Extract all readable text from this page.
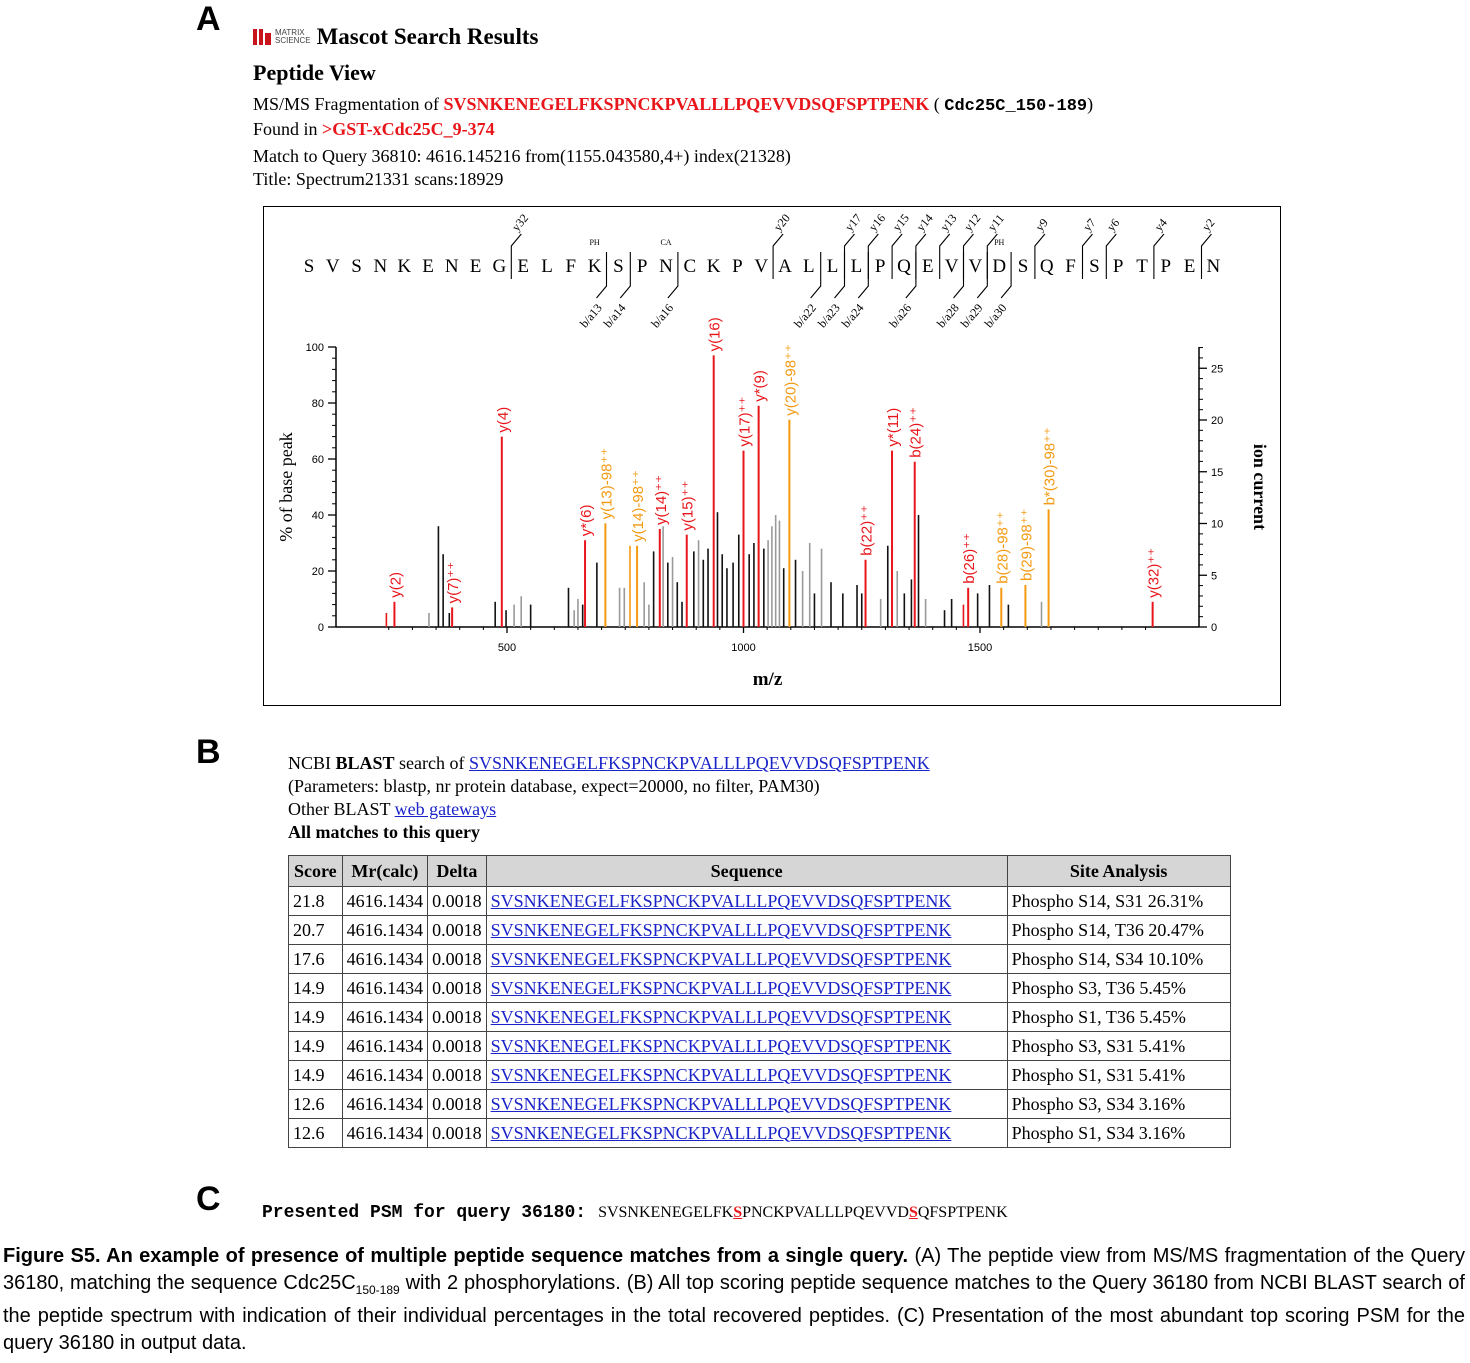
A
B
C
MATRIX
SCIENCE Mascot Search Results
Peptide View
MS/MS Fragmentation of SVSNKENEGELFKSPNCKPVALLLPQEVVDSQFSPTPENK ( Cdc25C_150-189)
Found in >GST-xCdc25C_9-374
Match to Query 36810: 4616.145216 from(1155.043580,4+) index(21328)
Title: Spectrum21331 scans:18929
S V S N K E N E G E L F K S P N C K P V A L L L P Q E V V D S Q F S P T P E N
PH	CA	PH
y32	y20	y17 y16 y15 y14 y13 y12 y11 y9 y7 y6 y4 y2
b/a13
b/a14 b/a16	b/a22
b/a23
b/a24 b/a26 b/a28
b/a29
b/a30
0
20
40
60
80
100
0
5
10
15
20
25
500	1000	1500
m/z
% of base peak	ion current
y(2)	y(7)⁺⁺
y(4)
y*(6)
y(13)-98⁺⁺ y(14)-98⁺⁺ y(14)⁺⁺ y(15)⁺⁺
y(16)
y(17)⁺⁺
y*(9) y(20)-98⁺⁺
b(22)⁺⁺
y*(11) b(24)⁺⁺
b(26)⁺⁺ b(28)-98⁺⁺ b(29)-98⁺⁺
b*(30)-98⁺⁺
y(32)⁺⁺
NCBI BLAST search of SVSNKENEGELFKSPNCKPVALLLPQEVVDSQFSPTPENK
(Parameters: blastp, nr protein database, expect=20000, no filter, PAM30)
Other BLAST web gateways
All matches to this query
Score	Mr(calc)	Delta	Sequence	Site Analysis
21.8	4616.1434	0.0018	SVSNKENEGELFKSPNCKPVALLLPQEVVDSQFSPTPENK	Phospho S14, S31 26.31%
20.7	4616.1434	0.0018	SVSNKENEGELFKSPNCKPVALLLPQEVVDSQFSPTPENK	Phospho S14, T36 20.47%
17.6	4616.1434	0.0018	SVSNKENEGELFKSPNCKPVALLLPQEVVDSQFSPTPENK	Phospho S14, S34 10.10%
14.9	4616.1434	0.0018	SVSNKENEGELFKSPNCKPVALLLPQEVVDSQFSPTPENK	Phospho S3, T36 5.45%
14.9	4616.1434	0.0018	SVSNKENEGELFKSPNCKPVALLLPQEVVDSQFSPTPENK	Phospho S1, T36 5.45%
14.9	4616.1434	0.0018	SVSNKENEGELFKSPNCKPVALLLPQEVVDSQFSPTPENK	Phospho S3, S31 5.41%
14.9	4616.1434	0.0018	SVSNKENEGELFKSPNCKPVALLLPQEVVDSQFSPTPENK	Phospho S1, S31 5.41%
12.6	4616.1434	0.0018	SVSNKENEGELFKSPNCKPVALLLPQEVVDSQFSPTPENK	Phospho S3, S34 3.16%
12.6	4616.1434	0.0018	SVSNKENEGELFKSPNCKPVALLLPQEVVDSQFSPTPENK	Phospho S1, S34 3.16%
Presented PSM for query 36180: SVSNKENEGELFKSPNCKPVALLLPQEVVDSQFSPTPENK
Figure S5. An example of presence of multiple peptide sequence matches from a single query. (A) The peptide view from MS/MS fragmentation of the Query 36180, matching the sequence $Cdc25C_{150-189}$ with 2 phosphorylations. (B) All top scoring peptide sequence matches to the Query 36180 from NCBI BLAST search of the peptide spectrum with indication of their individual percentages in the total recovered peptides. (C) Presentation of the most abundant top scoring PSM for the query 36180 in output data.
